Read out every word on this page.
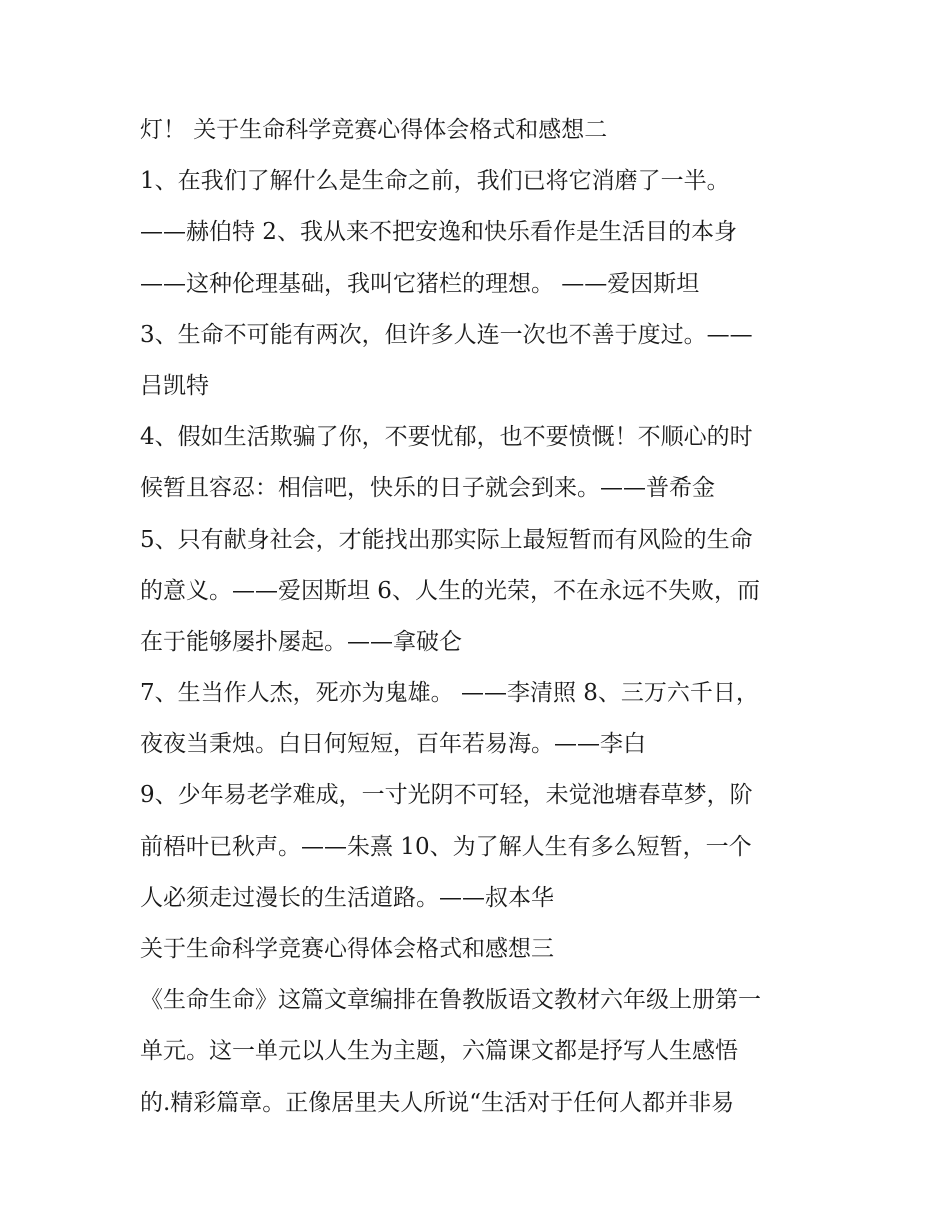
灯！ 关于生命科学竞赛心得体会格式和感想二
1、在我们了解什么是生命之前，我们已将它消磨了一半。
——赫伯特 2、我从来不把安逸和快乐看作是生活目的本身
——这种伦理基础，我叫它猪栏的理想。 ——爱因斯坦
3、生命不可能有两次，但许多人连一次也不善于度过。——
吕凯特
4、假如生活欺骗了你，不要忧郁，也不要愤慨！不顺心的时
候暂且容忍：相信吧，快乐的日子就会到来。——普希金
5、只有献身社会，才能找出那实际上最短暂而有风险的生命
的意义。——爱因斯坦 6、人生的光荣，不在永远不失败，而
在于能够屡扑屡起。——拿破仑
7、生当作人杰，死亦为鬼雄。 ——李清照 8、三万六千日，
夜夜当秉烛。白日何短短，百年若易海。——李白
9、少年易老学难成，一寸光阴不可轻，未觉池塘春草梦，阶
前梧叶已秋声。——朱熹 10、为了解人生有多么短暂，一个
人必须走过漫长的生活道路。——叔本华
关于生命科学竞赛心得体会格式和感想三
《生命生命》这篇文章编排在鲁教版语文教材六年级上册第一
单元。这一单元以人生为主题，六篇课文都是抒写人生感悟
的.精彩篇章。正像居里夫人所说“生活对于任何人都并非易
